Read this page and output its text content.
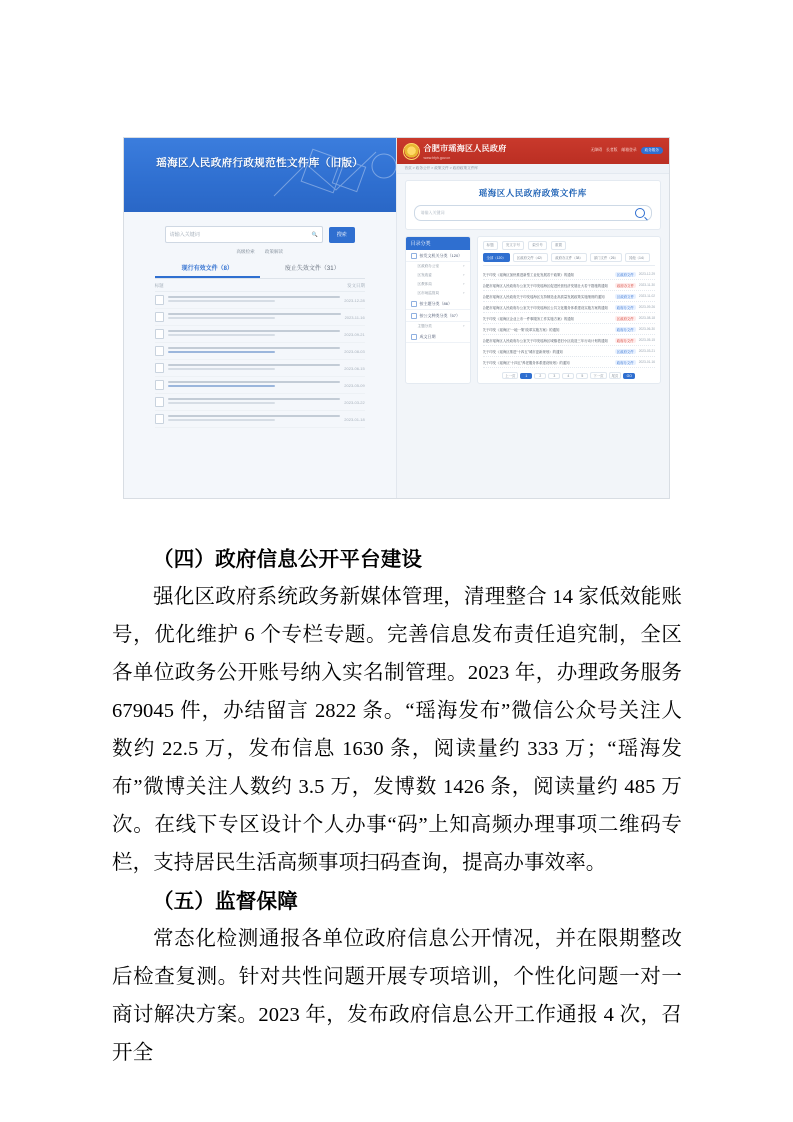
瑶海区人民政府行政规范性文件库（旧版）
请输入关键词	🔍	搜索
高级检索 政策解读
现行有效文件（8）	废止失效文件（31）
标题	发文日期
2023-12-28
2023-11-16
2023-09-21
2023-08-03
2023-06-15
2023-05-09
2023-03-22
2023-01-18
合肥市瑶海区人民政府
www.hfyh.gov.cn
无障碍 长者版 邮箱登录	政务服务
首页 > 政务公开 > 政策文件 > 政府政策文件库
瑶海区人民政府政策文件库
请输入关键词
目录分类
按发文机关分类（120）
区政府办公室	›
区发改委	›
区教体局	›
区市场监管局	›
按主题分类（86）
按公文种类分类（57）
主题分类	›
成文日期
标题	发文字号	索引号	重置
全部（120）	区政府文件（42）	政府办文件（38）	部门文件（26）	其他（14）
关于印发《瑶海区加快推进新型工业化发展若干政策》的通知	区政府文件	2023-12-29
合肥市瑶海区人民政府办公室关于印发瑶海区促进民营经济发展壮大若干措施的通知	政府办文件	2023-11-30
合肥市瑶海区人民政府关于印发瑶海区支持制造业高质量发展政策实施细则的通知	区政府文件	2023-11-02
合肥市瑶海区人民政府办公室关于印发瑶海区公共文化服务体系建设实施方案的通知	政府办文件	2023-09-26
关于印发《瑶海区企业上市一件事服务工作实施方案》的通知	区政府文件	2023-08-18
关于印发《瑶海区“一地一策”改革实施方案》的通知	政府办文件	2023-06-30
合肥市瑶海区人民政府办公室关于印发瑶海区城镇老旧小区改造三年行动计划的通知	政府办文件	2023-05-15
关于印发《瑶海区推进“十四五”城市更新规划》的通知	区政府文件	2023-03-21
关于印发《瑶海区“十四五”养老服务体系建设规划》的通知	政府办文件	2023-01-16
上一页	1	2	3	4	5	下一页	尾页	GO
（四）政府信息公开平台建设

强化区政府系统政务新媒体管理，清理整合 14 家低效能账号，优化维护 6 个专栏专题。完善信息发布责任追究制，全区各单位政务公开账号纳入实名制管理。2023 年，办理政务服务 679045 件，办结留言 2822 条。“瑶海发布”微信公众号关注人数约 22.5 万，发布信息 1630 条，阅读量约 333 万；“瑶海发布”微博关注人数约 3.5 万，发博数 1426 条，阅读量约 485 万次。在线下专区设计个人办事“码”上知高频办理事项二维码专栏，支持居民生活高频事项扫码查询，提高办事效率。

（五）监督保障

常态化检测通报各单位政府信息公开情况，并在限期整改后检查复测。针对共性问题开展专项培训，个性化问题一对一商讨解决方案。2023 年，发布政府信息公开工作通报 4 次，召开全
